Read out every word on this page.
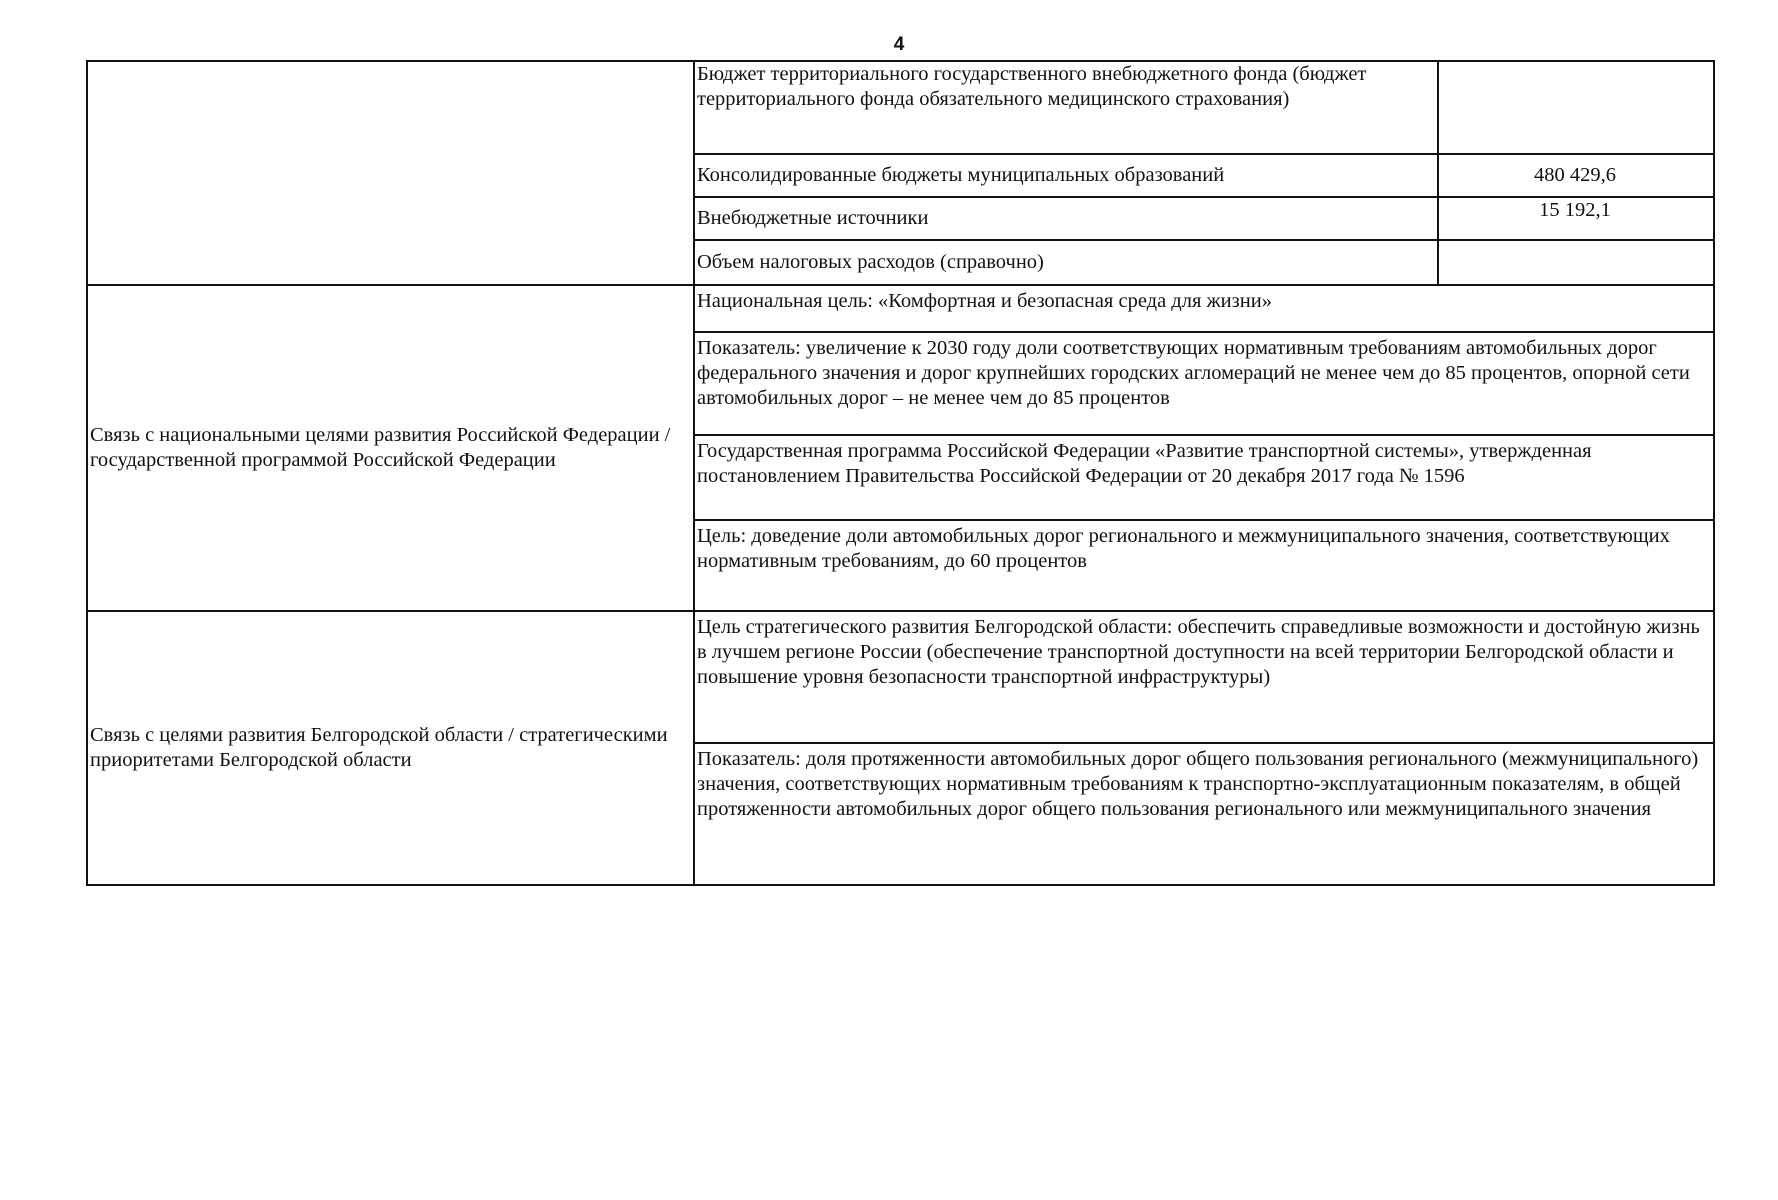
4
	Бюджет территориального государственного внебюджетного фонда (бюджет территориального фонда обязательного медицинского страхования)	
	Консолидированные бюджеты муниципальных образований	480 429,6
	Внебюджетные источники	15 192,1
	Объем налоговых расходов (справочно)	
Связь с национальными целями развития Российской Федерации / государственной программой Российской Федерации	Национальная цель: «Комфортная и безопасная среда для жизни»	
	Показатель: увеличение к 2030 году доли соответствующих нормативным требованиям автомобильных дорог федерального значения и дорог крупнейших городских агломераций не менее чем до 85 процентов, опорной сети автомобильных дорог – не менее чем до 85 процентов	
	Государственная программа Российской Федерации «Развитие транспортной системы», утвержденная постановлением Правительства Российской Федерации от 20 декабря 2017 года № 1596	
	Цель: доведение доли автомобильных дорог регионального и межмуниципального значения, соответствующих нормативным требованиям, до 60 процентов	
Связь с целями развития Белгородской области / стратегическими приоритетами Белгородской области	Цель стратегического развития Белгородской области: обеспечить справедливые возможности и достойную жизнь в лучшем регионе России (обеспечение транспортной доступности на всей территории Белгородской области и повышение уровня безопасности транспортной инфраструктуры)	
	Показатель: доля протяженности автомобильных дорог общего пользования регионального (межмуниципального) значения, соответствующих нормативным требованиям к транспортно-эксплуатационным показателям, в общей протяженности автомобильных дорог общего пользования регионального или межмуниципального значения	
